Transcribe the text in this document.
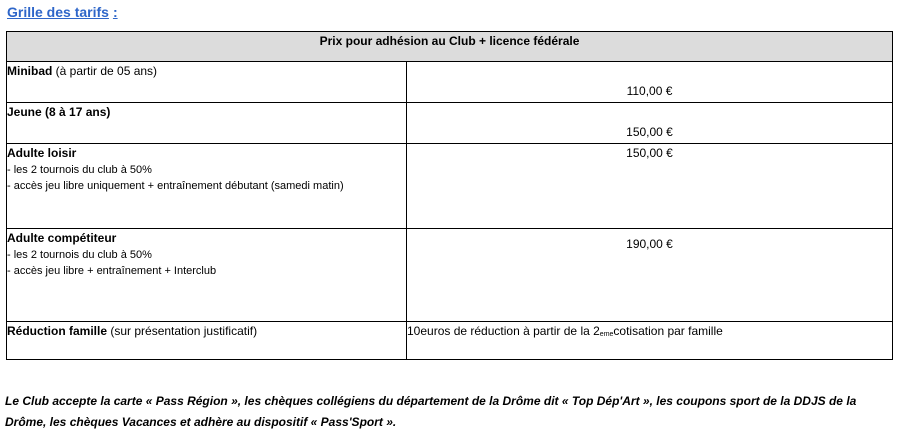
Grille des tarifs :
Prix pour adhésion au Club + licence fédérale	
Minibad (à partir de 05 ans)	110,00 €
Jeune (8 à 17 ans)	150,00 €
Adulte loisir
- les 2 tournois du club à 50%
- accès jeu libre uniquement + entraînement débutant (samedi matin)	150,00 €
Adulte compétiteur
- les 2 tournois du club à 50%
- accès jeu libre + entraînement + Interclub	190,00 €
Réduction famille (sur présentation justificatif)	10euros de réduction à partir de la $2_{eme}cotisation$ par famille
Le Club accepte la carte « Pass Région », les chèques collégiens du département de la Drôme dit « Top Dép'Art », les coupons sport de la DDJS de la Drôme, les chèques Vacances et adhère au dispositif « Pass'Sport ».
